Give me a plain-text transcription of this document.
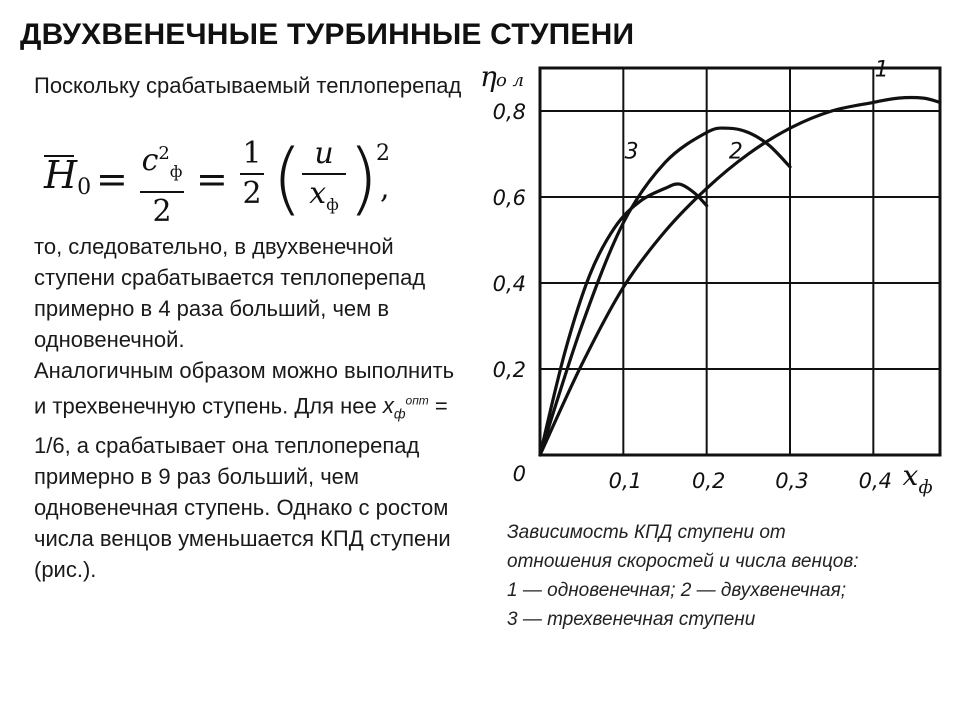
ДВУХВЕНЕЧНЫЕ ТУРБИННЫЕ СТУПЕНИ
Поскольку срабатываемый теплоперепад
$H_0 = c^2_ф$
2
=
1
2 ( u
$x_ф$ )
2
,

то, следовательно, в двухвенечной ступени срабатывается теплоперепад примерно в 4 раза больший, чем в одновенечной.

Аналогичным образом можно выполнить и трехвенечную ступень. Для нее $x_ф^{опт} = 1/6$, а срабатывает она теплоперепад примерно в 9 раз больший, чем одновенечная ступень. Однако с ростом числа венцов уменьшается КПД ступени (рис.).

0,2
0,4
0,6
0,8
0,1 0,2 0,3 0,4
0
η о л
x ф
1
2
3
Зависимость КПД ступени от
отношения скоростей и числа венцов:
1 — одновенечная; 2 — двухвенечная;
3 — трехвенечная ступени
